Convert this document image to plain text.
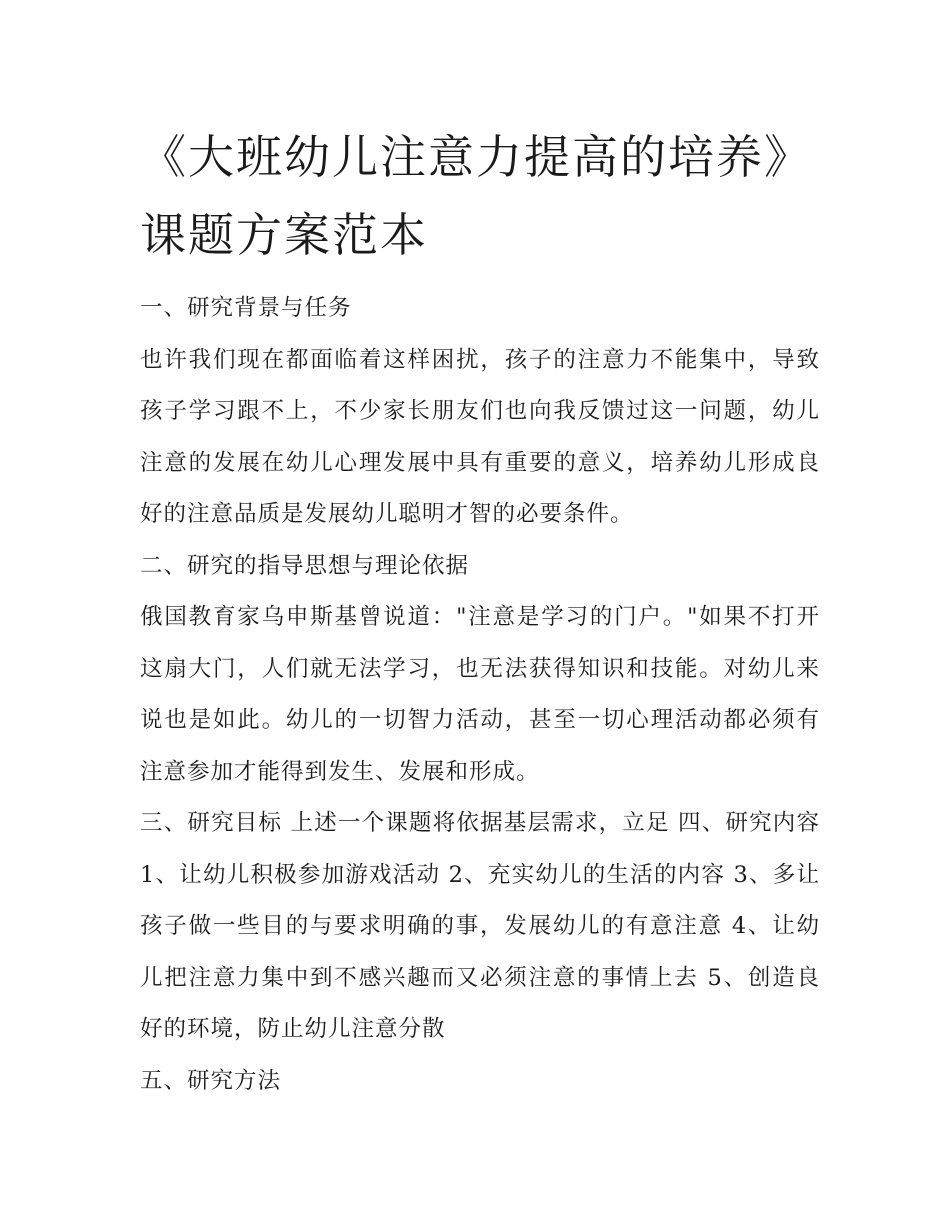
《大班幼儿注意力提高的培养》课题方案范本

一、研究背景与任务

也许我们现在都面临着这样困扰，孩子的注意力不能集中，导致孩子学习跟不上，不少家长朋友们也向我反馈过这一问题，幼儿注意的发展在幼儿心理发展中具有重要的意义，培养幼儿形成良好的注意品质是发展幼儿聪明才智的必要条件。

二、研究的指导思想与理论依据

俄国教育家乌申斯基曾说道："注意是学习的门户。"如果不打开这扇大门，人们就无法学习，也无法获得知识和技能。对幼儿来说也是如此。幼儿的一切智力活动，甚至一切心理活动都必须有注意参加才能得到发生、发展和形成。

三、研究目标 上述一个课题将依据基层需求，立足 四、研究内容 1、让幼儿积极参加游戏活动 2、充实幼儿的生活的内容 3、多让孩子做一些目的与要求明确的事，发展幼儿的有意注意 4、让幼儿把注意力集中到不感兴趣而又必须注意的事情上去 5、创造良好的环境，防止幼儿注意分散

五、研究方法
